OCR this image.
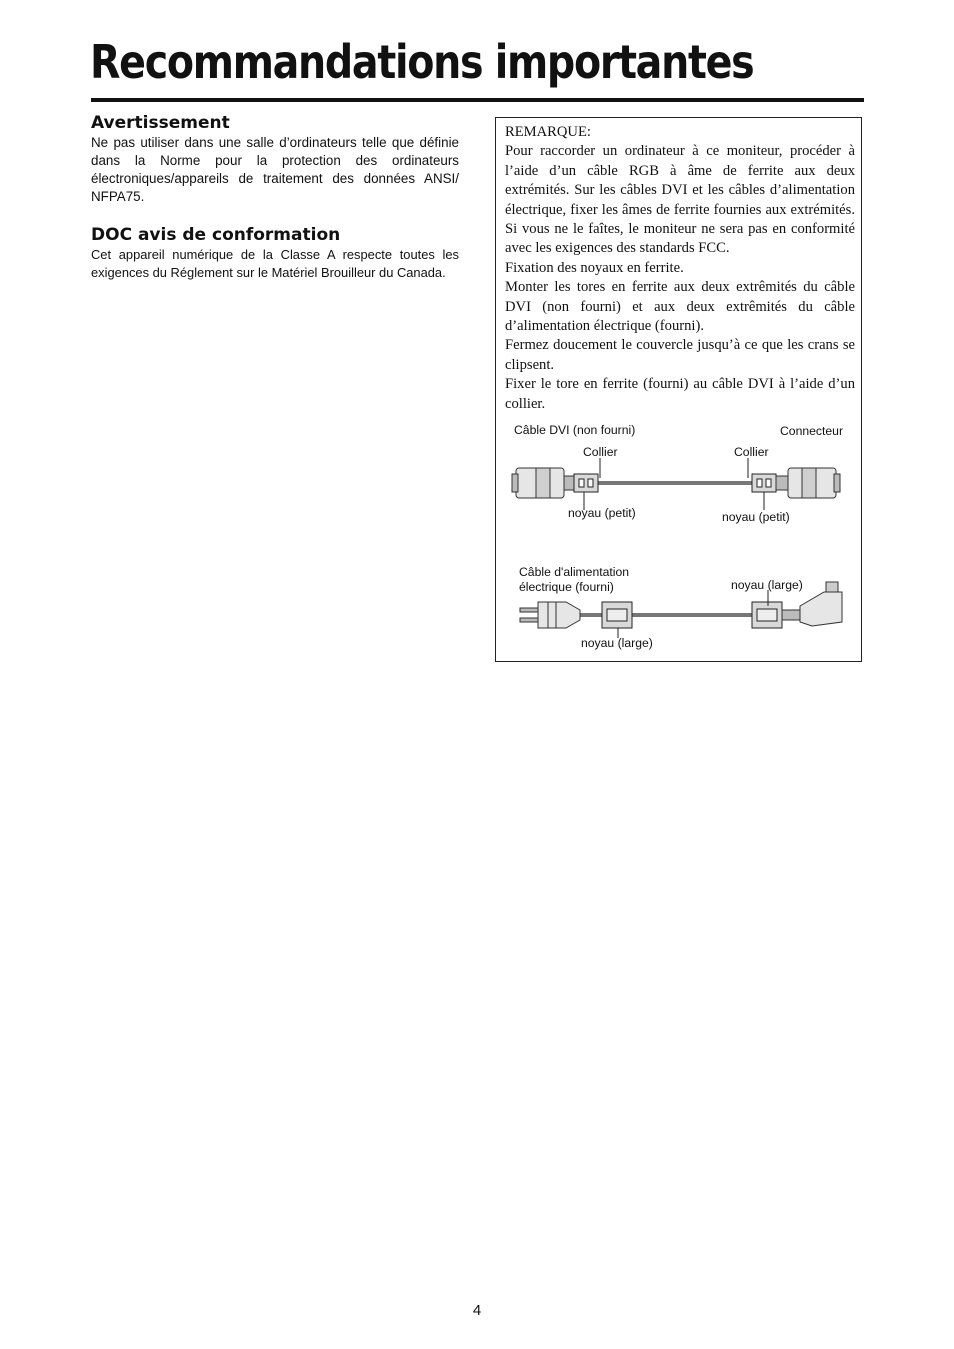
Recommandations importantes
Avertissement

Ne pas utiliser dans une salle d’ordinateurs telle que définie dans la Norme pour la protection des ordinateurs électroniques/appareils de traitement des données ANSI/ NFPA75.

DOC avis de conformation

Cet appareil numérique de la Classe A respecte toutes les exigences du Réglement sur le Matériel Brouilleur du Canada.

REMARQUE:

Pour raccorder un ordinateur à ce moniteur, procéder à l’aide d’un câble RGB à âme de ferrite aux deux extrémités. Sur les câbles DVI et les câbles d’alimentation électrique, fixer les âmes de ferrite fournies aux extrémités. Si vous ne le faîtes, le moniteur ne sera pas en conformité avec les exigences des standards FCC.

Fixation des noyaux en ferrite.

Monter les tores en ferrite aux deux extrêmités du câble DVI (non fourni) et aux deux extrêmités du câble d’alimentation électrique (fourni).

Fermez doucement le couvercle jusqu’à ce que les crans se clipsent.

Fixer le tore en ferrite (fourni) au câble DVI à l’aide d’un collier.

Câble DVI (non fourni)	Connecteur
Collier	Collier
noyau (petit)	noyau (petit)
Câble d'alimentation
électrique (fourni)	noyau (large)
noyau (large)
4
